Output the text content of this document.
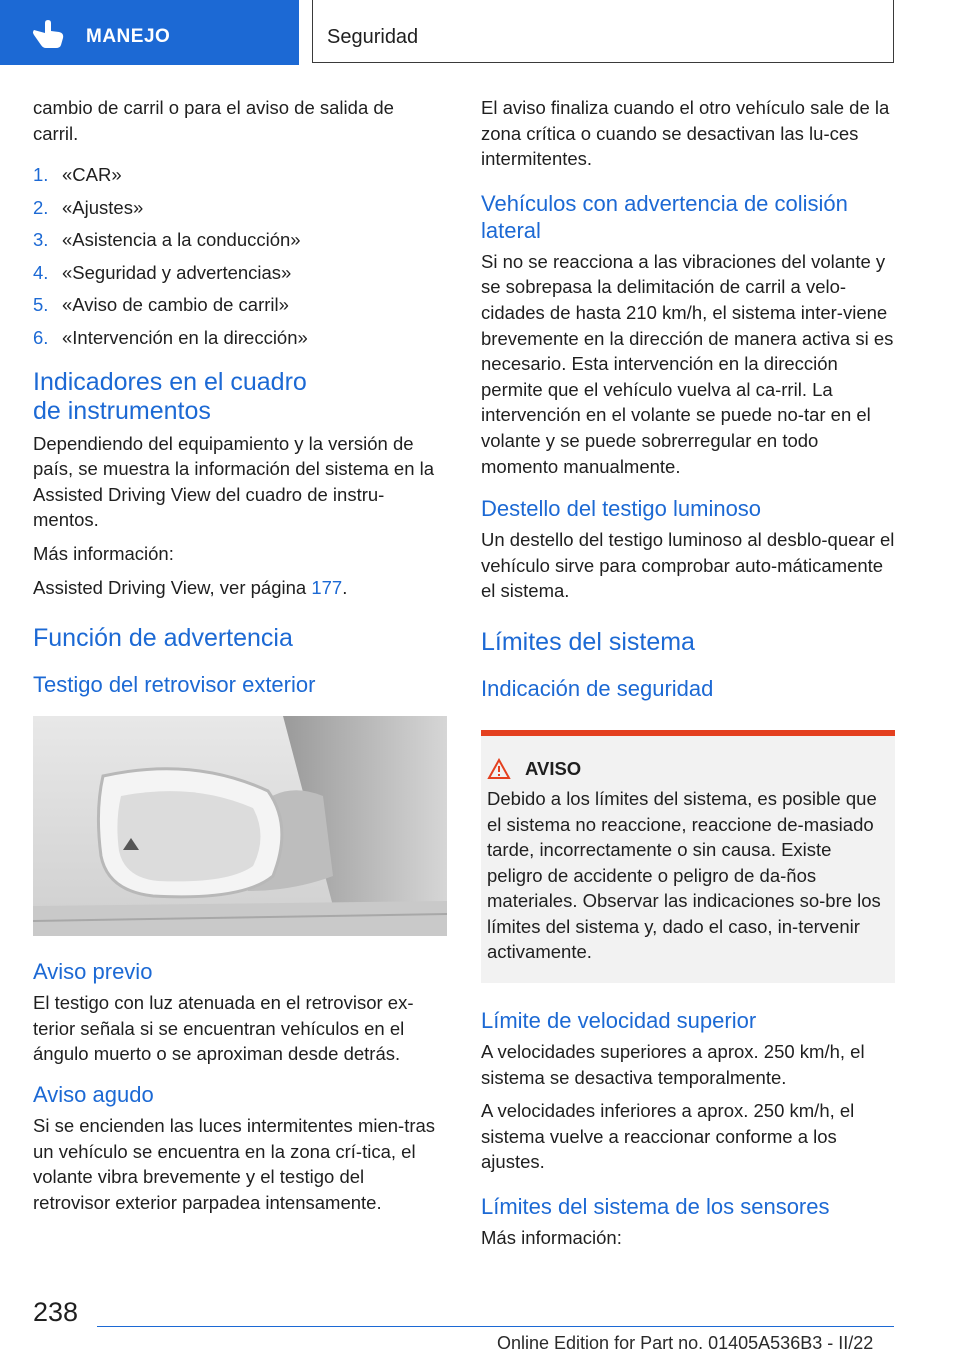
MANEJO	Seguridad

cambio de carril o para el aviso de salida de carril.

1. «CAR»
2. «Ajustes»
3. «Asistencia a la conducción»
4. «Seguridad y advertencias»
5. «Aviso de cambio de carril»
6. «Intervención en la dirección»
Indicadores en el cuadro de instrumentos

Dependiendo del equipamiento y la versión de país, se muestra la información del sistema en la Assisted Driving View del cuadro de instru‐mentos.

Más información:

Assisted Driving View, ver página 177.

Función de advertencia
Testigo del retrovisor exterior
Aviso previo

El testigo con luz atenuada en el retrovisor ex‐terior señala si se encuentran vehículos en el ángulo muerto o se aproximan desde detrás.

Aviso agudo

Si se encienden las luces intermitentes mien‐tras un vehículo se encuentra en la zona crí‐tica, el volante vibra brevemente y el testigo del retrovisor exterior parpadea intensamente.

El aviso finaliza cuando el otro vehículo sale de la zona crítica o cuando se desactivan las lu‐ces intermitentes.

Vehículos con advertencia de colisión lateral

Si no se reacciona a las vibraciones del volante y se sobrepasa la delimitación de carril a velo‐cidades de hasta 210 km/h, el sistema inter‐viene brevemente en la dirección de manera activa si es necesario. Esta intervención en la dirección permite que el vehículo vuelva al ca‐rril. La intervención en el volante se puede no‐tar en el volante y se puede sobrerregular en todo momento manualmente.

Destello del testigo luminoso

Un destello del testigo luminoso al desblo‐quear el vehículo sirve para comprobar auto‐máticamente el sistema.

Límites del sistema
Indicación de seguridad
AVISO

Debido a los límites del sistema, es posible que el sistema no reaccione, reaccione de‐masiado tarde, incorrectamente o sin causa. Existe peligro de accidente o peligro de da‐ños materiales. Observar las indicaciones so‐bre los límites del sistema y, dado el caso, in‐tervenir activamente.

Límite de velocidad superior

A velocidades superiores a aprox. 250 km/h, el sistema se desactiva temporalmente.

A velocidades inferiores a aprox. 250 km/h, el sistema vuelve a reaccionar conforme a los ajustes.

Límites del sistema de los sensores

Más información:

238
Online Edition for Part no. 01405A536B3 - II/22
